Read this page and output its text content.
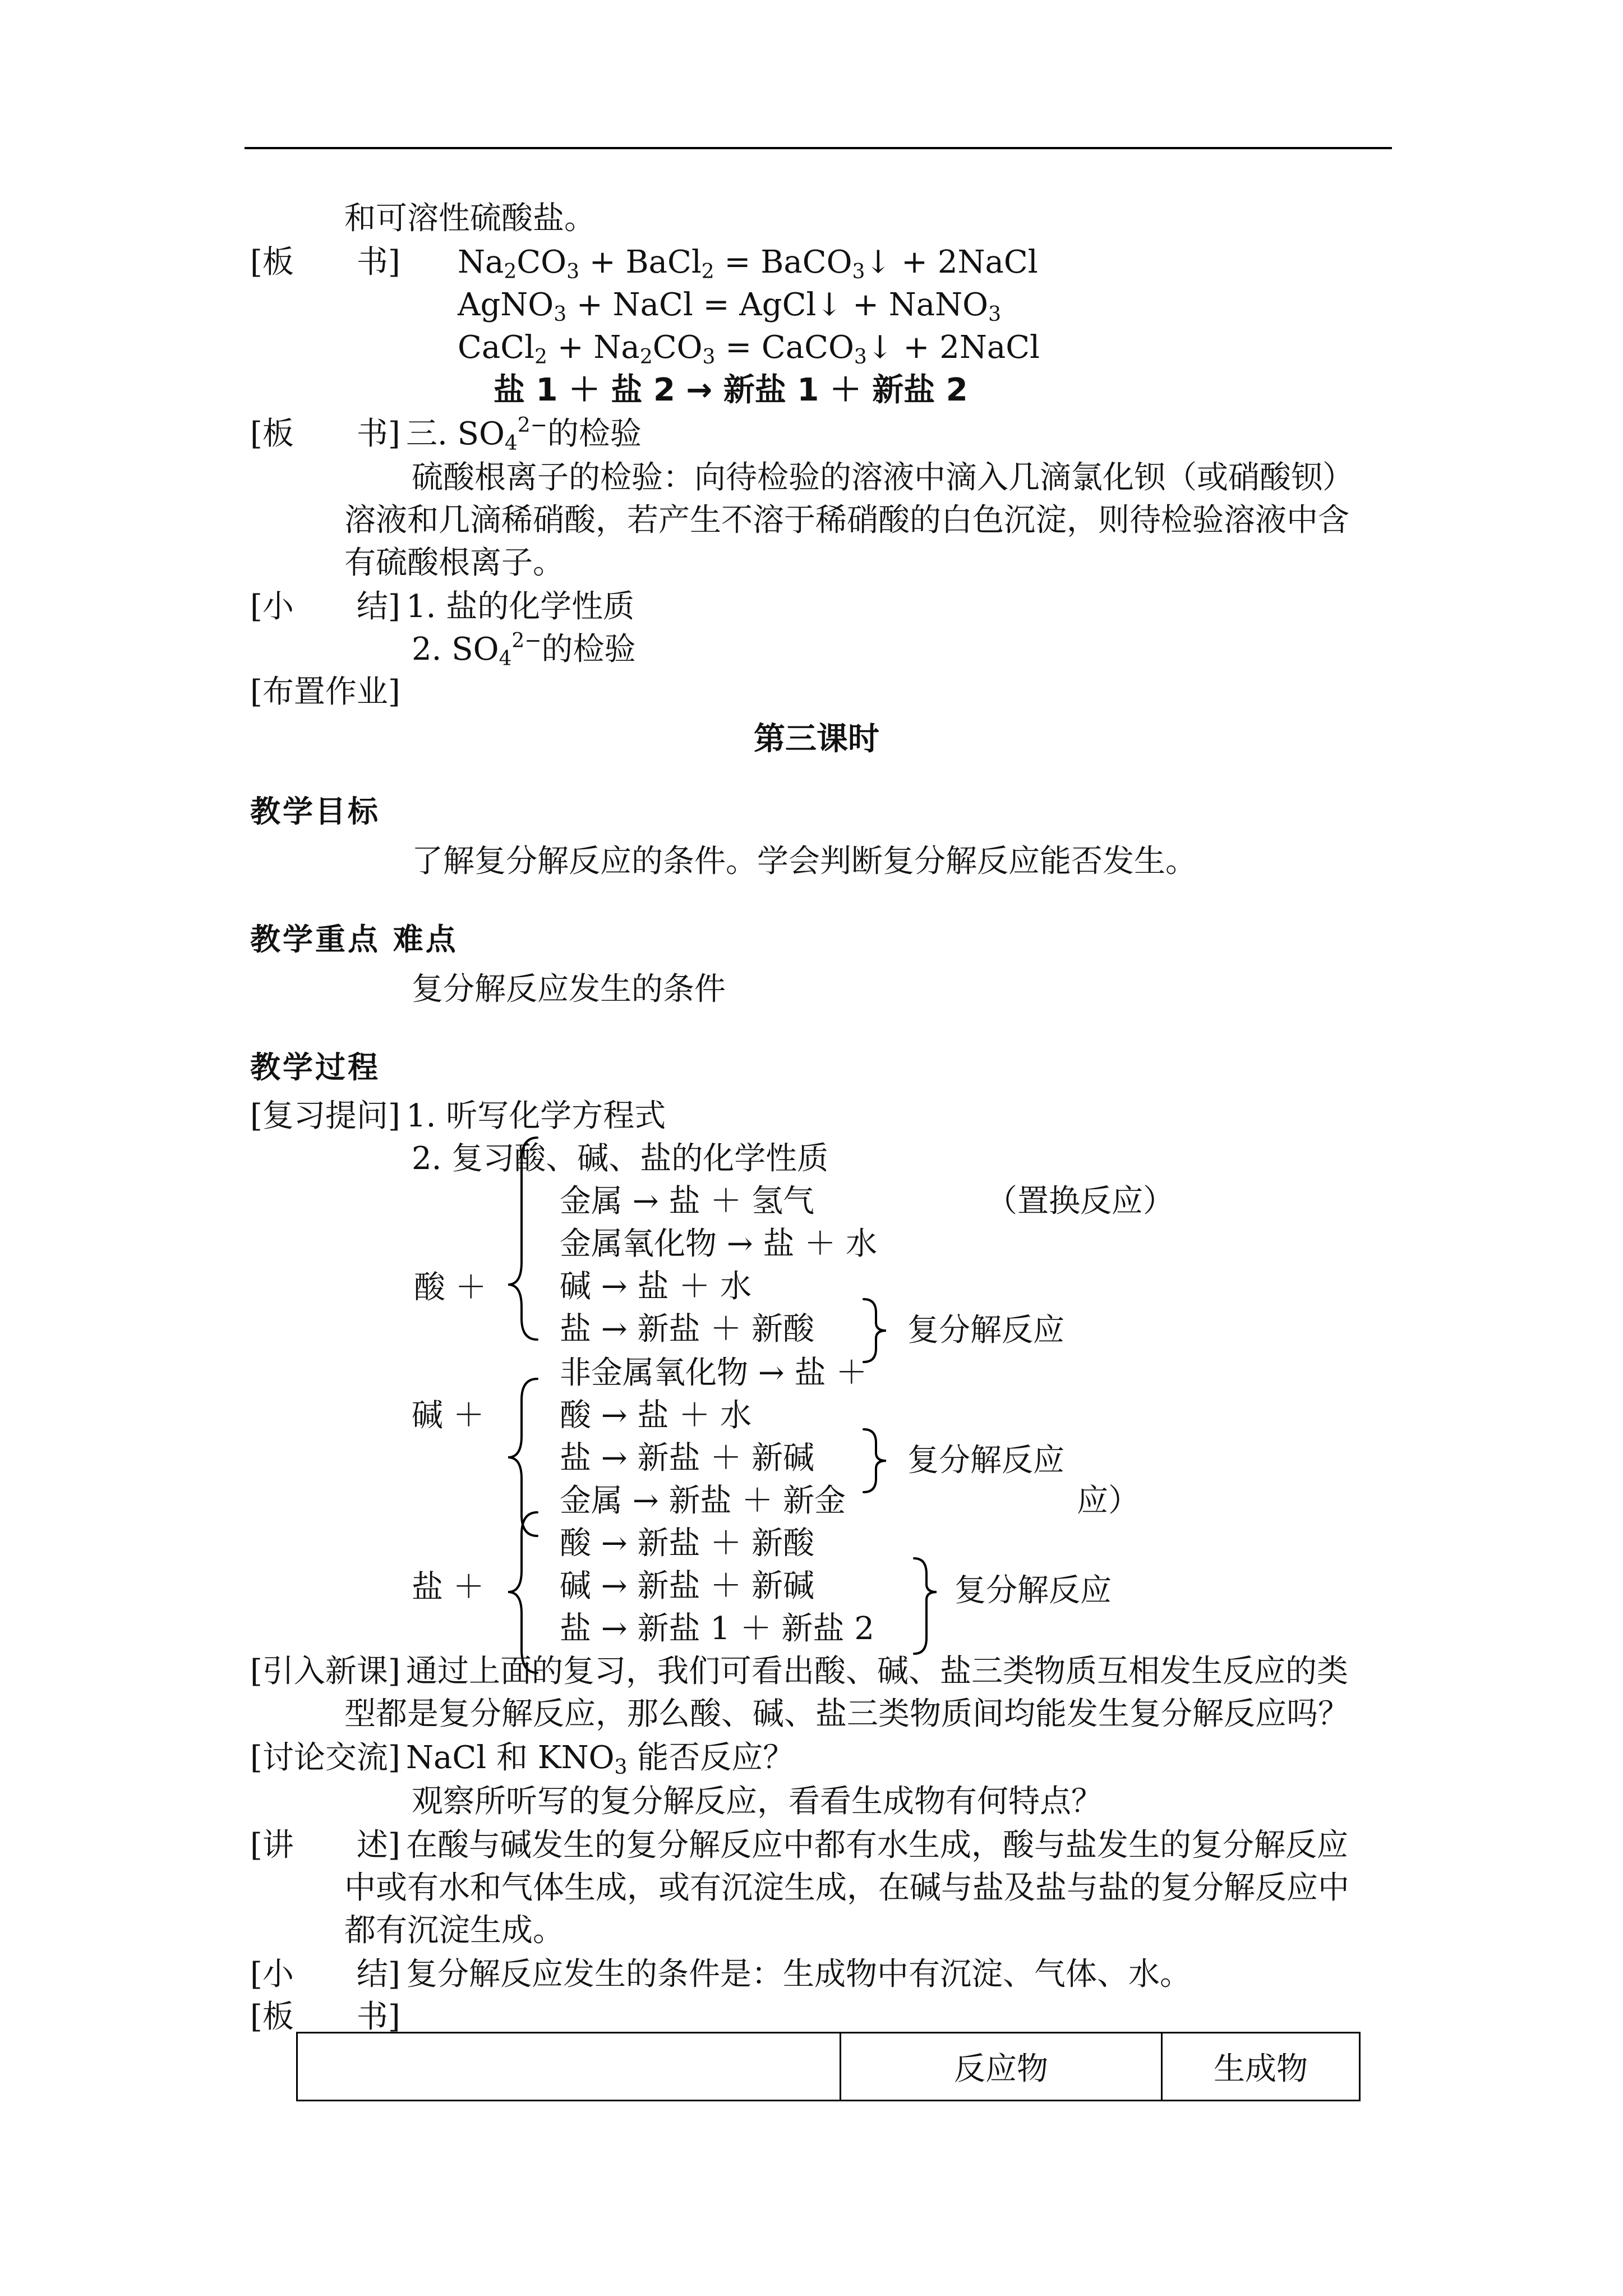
和可溶性硫酸盐。
[板　　书] $Na_2CO_3$ + BaCl$_2$ = BaCO$_3$↓ + 2NaCl
AgNO$_3$ + NaCl = AgCl↓ + NaNO$_3$
CaCl$_2$ + $Na_2CO_3$ = CaCO$_3$↓ + 2NaCl
盐 1 ＋ 盐 2 → 新盐 1 ＋ 新盐 2
[板　　书] 三. $SO_4^{2-}$的检验
硫酸根离子的检验：向待检验的溶液中滴入几滴氯化钡（或硝酸钡）
溶液和几滴稀硝酸，若产生不溶于稀硝酸的白色沉淀，则待检验溶液中含
有硫酸根离子。
[小　　结] 1. 盐的化学性质
2. $SO_4^{2-}$的检验
[布置作业]
第三课时
教学目标
了解复分解反应的条件。学会判断复分解反应能否发生。
教学重点 难点
复分解反应发生的条件
教学过程
[复习提问] 1. 听写化学方程式
2. 复习酸、碱、盐的化学性质
酸 ＋
金属 → 盐 ＋ 氢气	（置换反应）
金属氧化物 → 盐 ＋ 水
碱 → 盐 ＋ 水
盐 → 新盐 ＋ 新酸	复分解反应
碱 ＋
非金属氧化物 → 盐 ＋
酸 → 盐 ＋ 水
盐 → 新盐 ＋ 新碱	复分解反应
金属 → 新盐 ＋ 新金	应）
盐 ＋
酸 → 新盐 ＋ 新酸
碱 → 新盐 ＋ 新碱
盐 → 新盐 1 ＋ 新盐 2
复分解反应
[引入新课] 通过上面的复习，我们可看出酸、碱、盐三类物质互相发生反应的类
型都是复分解反应，那么酸、碱、盐三类物质间均能发生复分解反应吗？
[讨论交流] NaCl 和 $KNO_3$ 能否反应？
观察所听写的复分解反应，看看生成物有何特点？
[讲　　述] 在酸与碱发生的复分解反应中都有水生成，酸与盐发生的复分解反应
中或有水和气体生成，或有沉淀生成，在碱与盐及盐与盐的复分解反应中
都有沉淀生成。
[小　　结] 复分解反应发生的条件是：生成物中有沉淀、气体、水。
[板　　书]
	反应物	生成物
